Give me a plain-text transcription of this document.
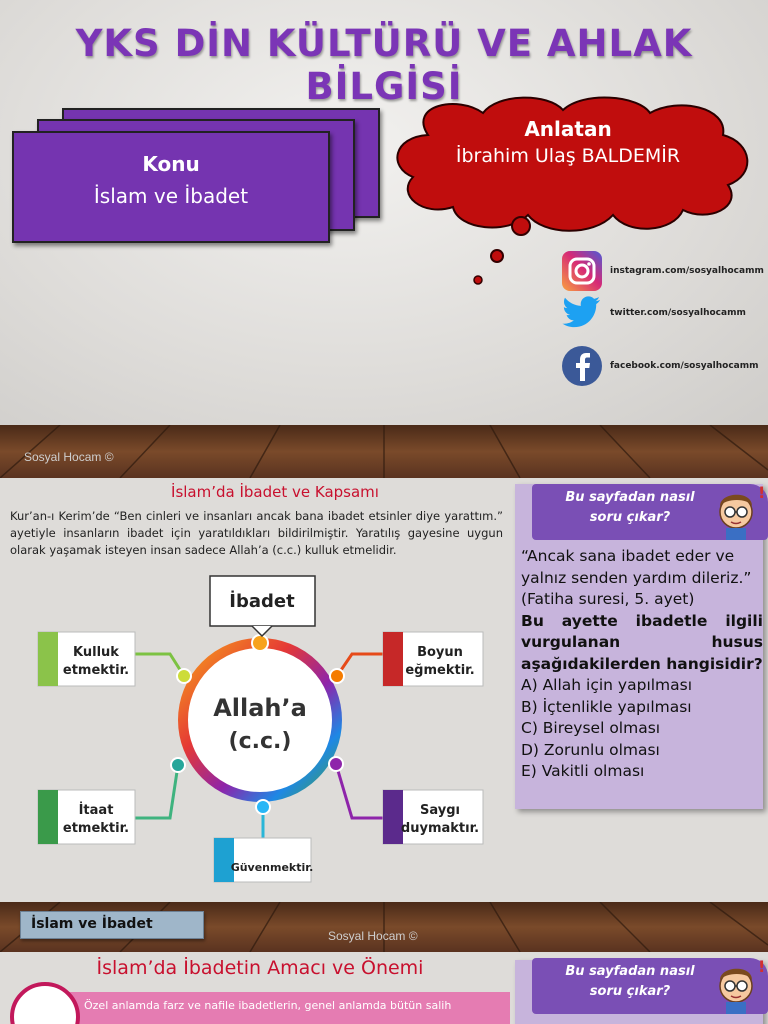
YKS DİN KÜLTÜRÜ VE AHLAK BİLGİSİ
Konu
İslam ve İbadet
Anlatan
İbrahim Ulaş BALDEMİR
instagram.com/sosyalhocamm
twitter.com/sosyalhocamm
facebook.com/sosyalhocamm
Sosyal Hocam ©
İslam’da İbadet ve Kapsamı
Kur’an-ı Kerim’de “Ben cinleri ve insanları ancak bana ibadet etsinler diye yarattım.” ayetiyle insanların ibadet için yaratıldıkları bildirilmiştir. Yaratılış gayesine uygun olarak yaşamak isteyen insan sadece Allah’a (c.c.) kulluk etmelidir.
Allah’a
(c.c.)
İbadet
Kulluk
etmektir.
Boyun
eğmektir.
İtaat
etmektir.
Saygı
duymaktır.
Güvenmektir.
Bu sayfadan nasıl soru çıkar?
!
“Ancak sana ibadet eder ve yalnız senden yardım dileriz.”
(Fatiha suresi, 5. ayet)
Bu ayette ibadetle ilgili vurgulanan husus aşağıdakilerden hangisidir?
A) Allah için yapılması
B) İçtenlikle yapılması
C) Bireysel olması
D) Zorunlu olması
E) Vakitli olması
İslam ve İbadet
Sosyal Hocam ©
İslam’da İbadetin Amacı ve Önemi
Özel anlamda farz ve nafile ibadetlerin, genel anlamda bütün salih
Bu sayfadan nasıl soru çıkar?
!
